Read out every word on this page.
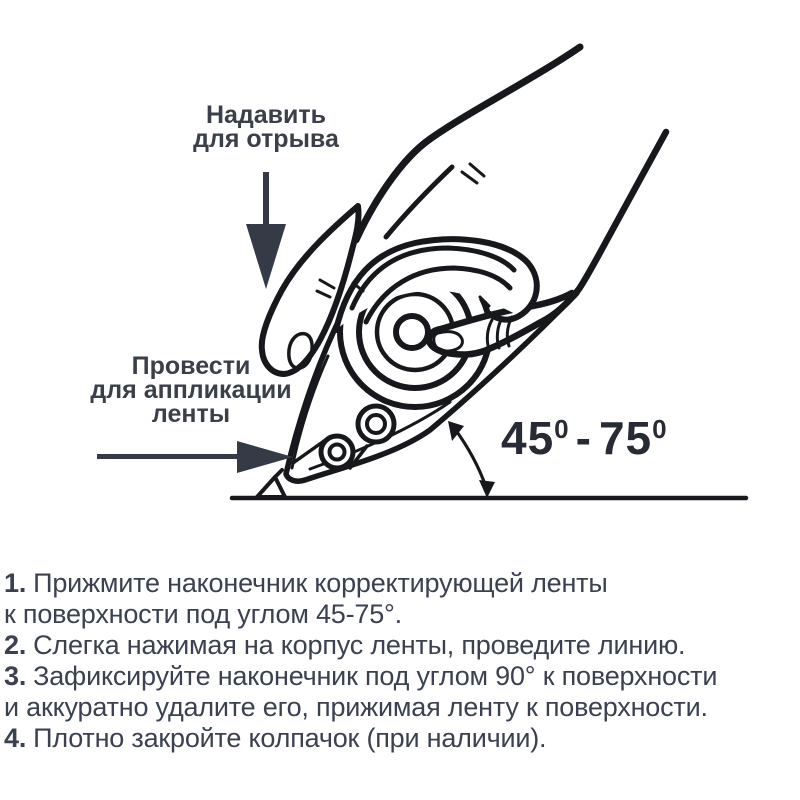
Надавить
для отрыва
Провести
для аппликации
ленты	$45^0 - 75^0$
1. Прижмите наконечник корректирующей ленты
к поверхности под углом 45-75°.
2. Слегка нажимая на корпус ленты, проведите линию.
3. Зафиксируйте наконечник под углом 90° к поверхности
и аккуратно удалите его, прижимая ленту к поверхности.
4. Плотно закройте колпачок (при наличии).
